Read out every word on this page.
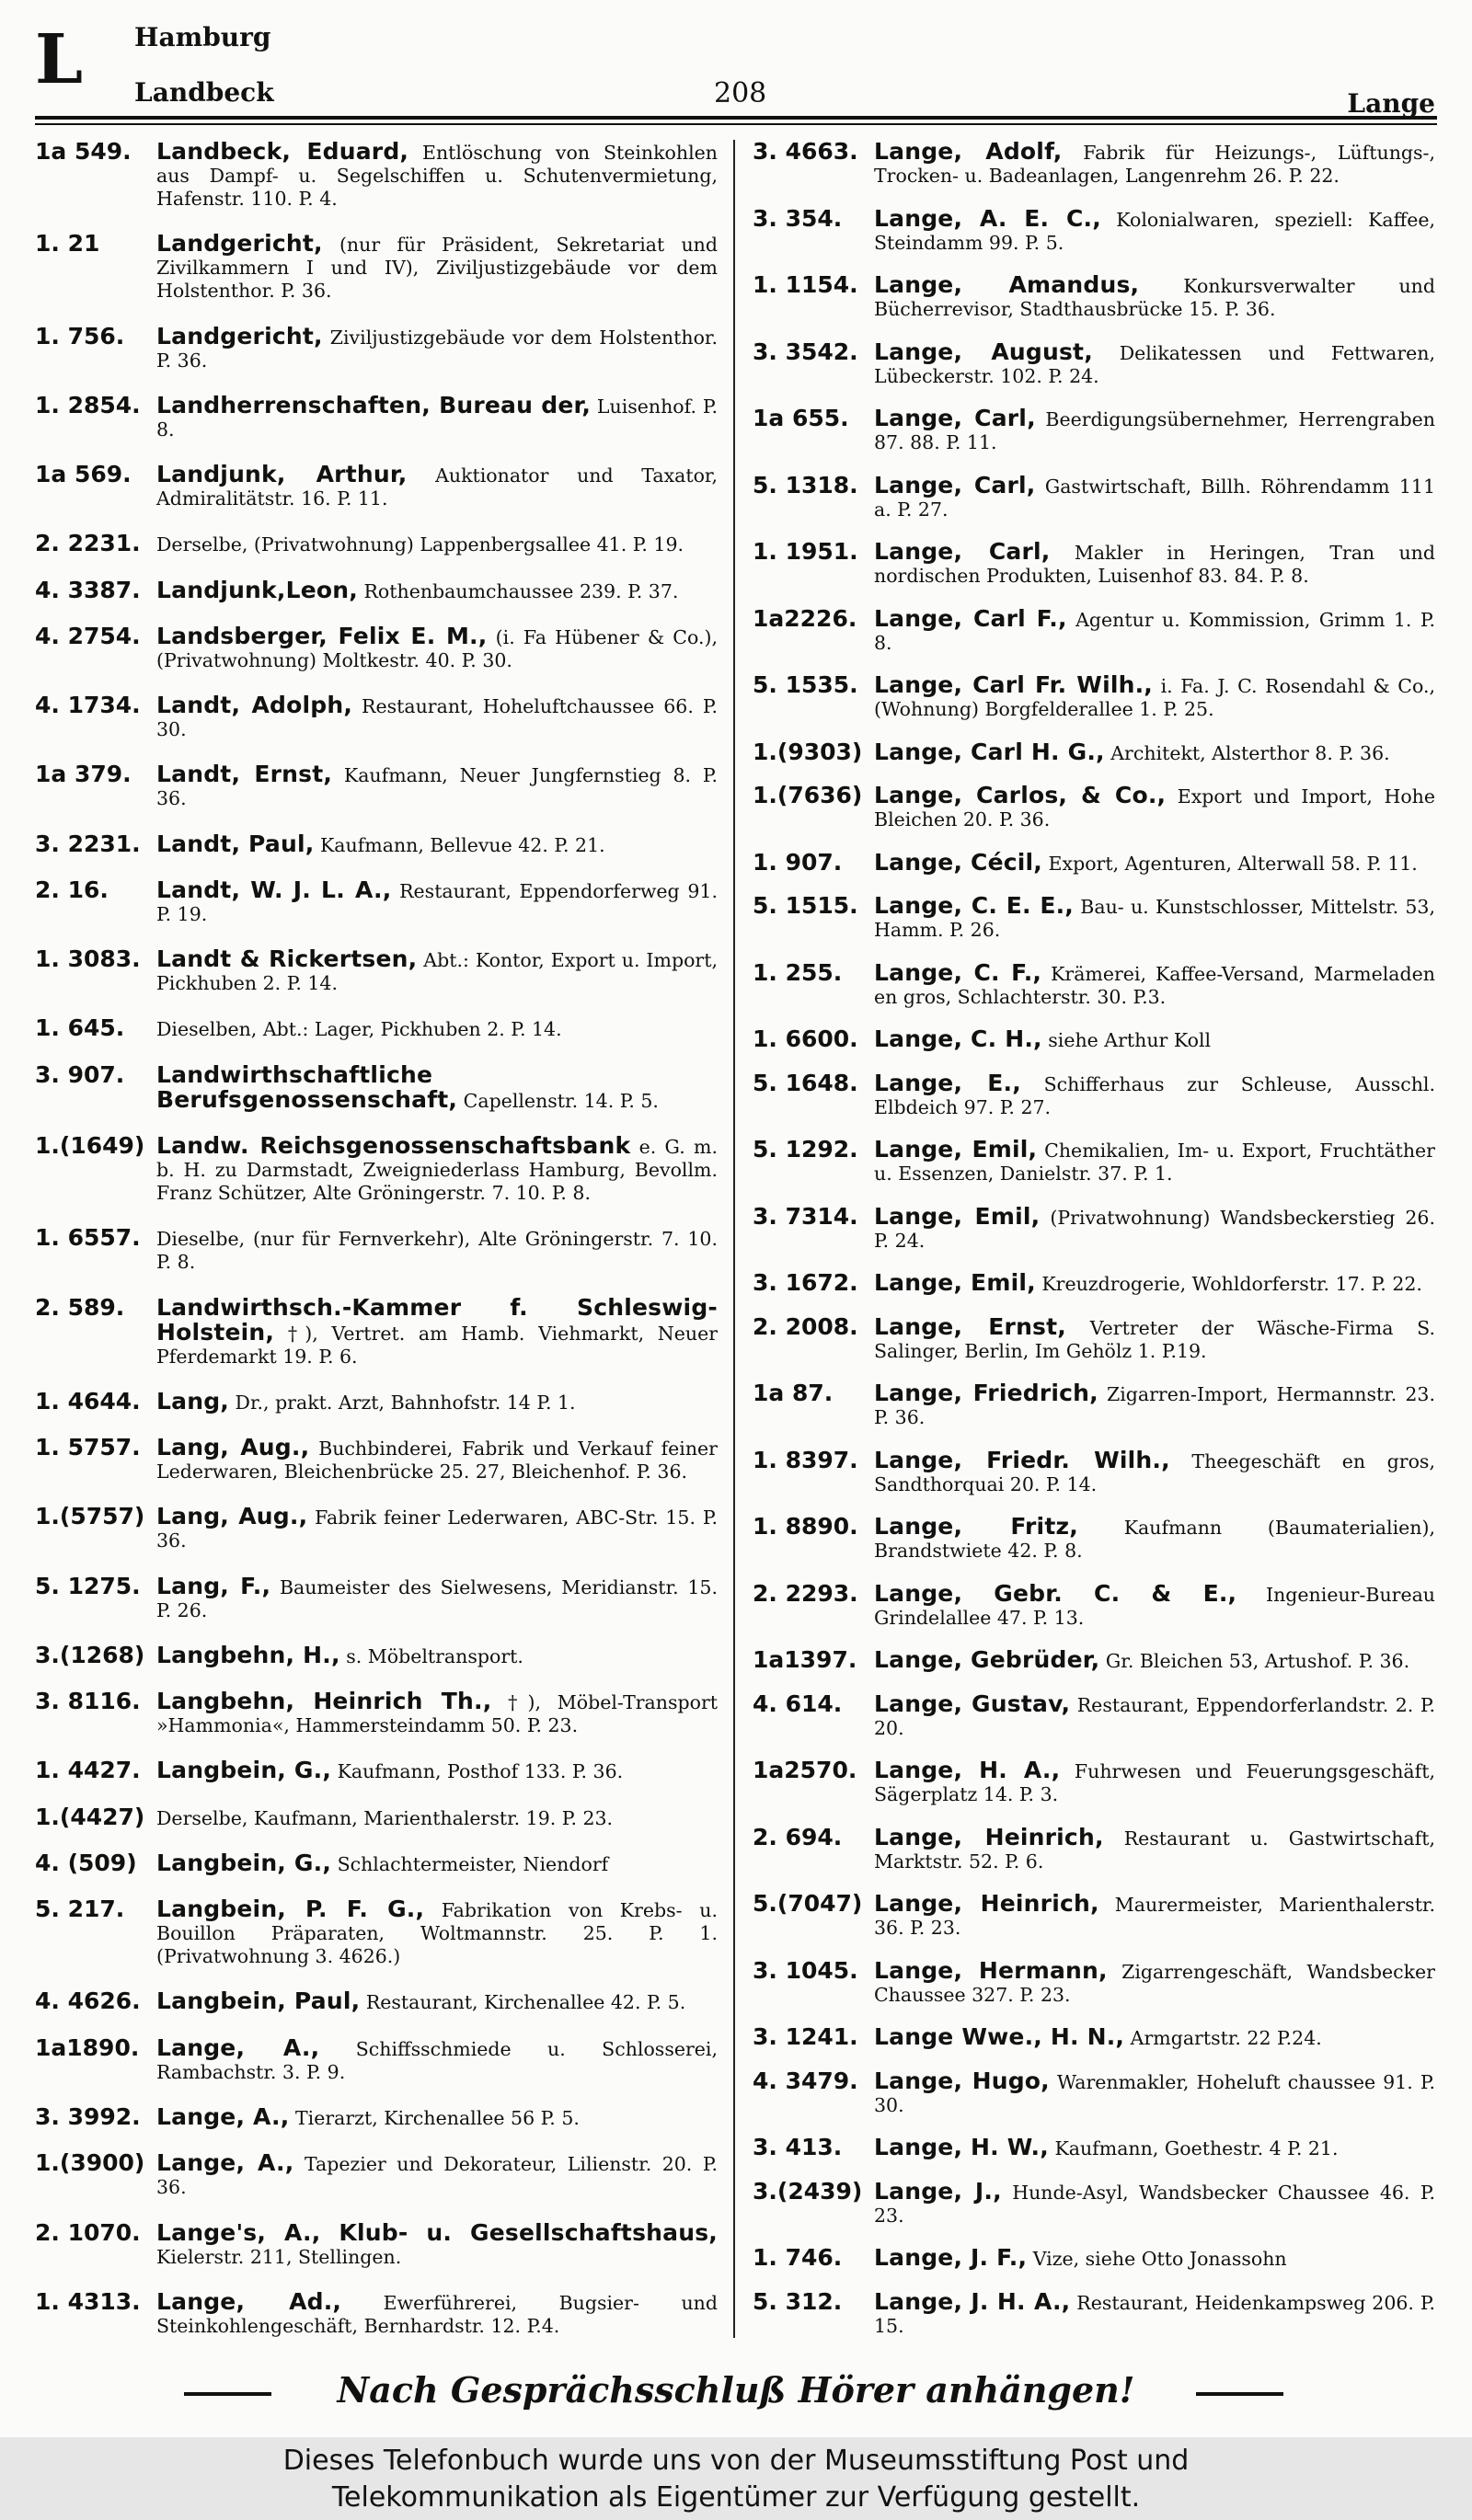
L Hamburg
Landbeck	208	Lange
1a 549. Landbeck, Eduard, Entlöschung von Steinkohlen aus Dampf- u. Segelschiffen u. Schutenvermietung, Hafenstr. 110. P. 4.
1. 21 Landgericht, (nur für Präsident, Sekretariat und Zivilkammern I und IV), Ziviljustizgebäude vor dem Holstenthor. P. 36.
1. 756. Landgericht, Ziviljustizgebäude vor dem Holstenthor. P. 36.
1. 2854. Landherrenschaften, Bureau der, Luisenhof. P. 8.
1a 569. Landjunk, Arthur, Auktionator und Taxator, Admiralitätstr. 16. P. 11.
2. 2231. Derselbe, (Privatwohnung) Lappenbergsallee 41. P. 19.
4. 3387. Landjunk,Leon, Rothenbaumchaussee 239. P. 37.
4. 2754. Landsberger, Felix E. M., (i. Fa Hübener & Co.), (Privatwohnung) Moltkestr. 40. P. 30.
4. 1734. Landt, Adolph, Restaurant, Hoheluftchaussee 66. P. 30.
1a 379. Landt, Ernst, Kaufmann, Neuer Jungfernstieg 8. P. 36.
3. 2231. Landt, Paul, Kaufmann, Bellevue 42. P. 21.
2. 16. Landt, W. J. L. A., Restaurant, Eppendorferweg 91. P. 19.
1. 3083. Landt & Rickertsen, Abt.: Kontor, Export u. Import, Pickhuben 2. P. 14.
1. 645. Dieselben, Abt.: Lager, Pickhuben 2. P. 14.
3. 907. Landwirthschaftliche Berufsgenossenschaft, Capellenstr. 14. P. 5.
1.(1649) Landw. Reichsgenossenschaftsbank e. G. m. b. H. zu Darmstadt, Zweigniederlass Hamburg, Bevollm. Franz Schützer, Alte Gröningerstr. 7. 10. P. 8.
1. 6557. Dieselbe, (nur für Fernverkehr), Alte Gröningerstr. 7. 10. P. 8.
2. 589. Landwirthsch.-Kammer f. Schleswig-Holstein, †), Vertret. am Hamb. Viehmarkt, Neuer Pferdemarkt 19. P. 6.
1. 4644. Lang, Dr., prakt. Arzt, Bahnhofstr. 14 P. 1.
1. 5757. Lang, Aug., Buchbinderei, Fabrik und Verkauf feiner Lederwaren, Bleichenbrücke 25. 27, Bleichenhof. P. 36.
1.(5757) Lang, Aug., Fabrik feiner Lederwaren, ABC-Str. 15. P. 36.
5. 1275. Lang, F., Baumeister des Sielwesens, Meridianstr. 15. P. 26.
3.(1268) Langbehn, H., s. Möbeltransport.
3. 8116. Langbehn, Heinrich Th., †), Möbel-Transport »Hammonia«, Hammersteindamm 50. P. 23.
1. 4427. Langbein, G., Kaufmann, Posthof 133. P. 36.
1.(4427) Derselbe, Kaufmann, Marienthalerstr. 19. P. 23.
4. (509) Langbein, G., Schlachtermeister, Niendorf
5. 217. Langbein, P. F. G., Fabrikation von Krebs- u. Bouillon Präparaten, Woltmannstr. 25. P. 1. (Privatwohnung 3. 4626.)
4. 4626. Langbein, Paul, Restaurant, Kirchenallee 42. P. 5.
1a1890. Lange, A., Schiffsschmiede u. Schlosserei, Rambachstr. 3. P. 9.
3. 3992. Lange, A., Tierarzt, Kirchenallee 56 P. 5.
1.(3900) Lange, A., Tapezier und Dekorateur, Lilienstr. 20. P. 36.
2. 1070. Lange's, A., Klub- u. Gesellschaftshaus, Kielerstr. 211, Stellingen.
1. 4313. Lange, Ad., Ewerführerei, Bugsier- und Steinkohlengeschäft, Bernhardstr. 12. P.4.
3. 4663. Lange, Adolf, Fabrik für Heizungs-, Lüftungs-, Trocken- u. Badeanlagen, Langenrehm 26. P. 22.
3. 354. Lange, A. E. C., Kolonialwaren, speziell: Kaffee, Steindamm 99. P. 5.
1. 1154. Lange, Amandus, Konkursverwalter und Bücherrevisor, Stadthausbrücke 15. P. 36.
3. 3542. Lange, August, Delikatessen und Fettwaren, Lübeckerstr. 102. P. 24.
1a 655. Lange, Carl, Beerdigungsübernehmer, Herrengraben 87. 88. P. 11.
5. 1318. Lange, Carl, Gastwirtschaft, Billh. Röhrendamm 111 a. P. 27.
1. 1951. Lange, Carl, Makler in Heringen, Tran und nordischen Produkten, Luisenhof 83. 84. P. 8.
1a2226. Lange, Carl F., Agentur u. Kommission, Grimm 1. P. 8.
5. 1535. Lange, Carl Fr. Wilh., i. Fa. J. C. Rosendahl & Co., (Wohnung) Borgfelderallee 1. P. 25.
1.(9303) Lange, Carl H. G., Architekt, Alsterthor 8. P. 36.
1.(7636) Lange, Carlos, & Co., Export und Import, Hohe Bleichen 20. P. 36.
1. 907. Lange, Cécil, Export, Agenturen, Alterwall 58. P. 11.
5. 1515. Lange, C. E. E., Bau- u. Kunstschlosser, Mittelstr. 53, Hamm. P. 26.
1. 255. Lange, C. F., Krämerei, Kaffee-Versand, Marmeladen en gros, Schlachterstr. 30. P.3.
1. 6600. Lange, C. H., siehe Arthur Koll
5. 1648. Lange, E., Schifferhaus zur Schleuse, Ausschl. Elbdeich 97. P. 27.
5. 1292. Lange, Emil, Chemikalien, Im- u. Export, Fruchtäther u. Essenzen, Danielstr. 37. P. 1.
3. 7314. Lange, Emil, (Privatwohnung) Wandsbeckerstieg 26. P. 24.
3. 1672. Lange, Emil, Kreuzdrogerie, Wohldorferstr. 17. P. 22.
2. 2008. Lange, Ernst, Vertreter der Wäsche-Firma S. Salinger, Berlin, Im Gehölz 1. P.19.
1a 87. Lange, Friedrich, Zigarren-Import, Hermannstr. 23. P. 36.
1. 8397. Lange, Friedr. Wilh., Theegeschäft en gros, Sandthorquai 20. P. 14.
1. 8890. Lange, Fritz, Kaufmann (Baumaterialien), Brandstwiete 42. P. 8.
2. 2293. Lange, Gebr. C. & E., Ingenieur-Bureau Grindelallee 47. P. 13.
1a1397. Lange, Gebrüder, Gr. Bleichen 53, Artushof. P. 36.
4. 614. Lange, Gustav, Restaurant, Eppendorferlandstr. 2. P. 20.
1a2570. Lange, H. A., Fuhrwesen und Feuerungsgeschäft, Sägerplatz 14. P. 3.
2. 694. Lange, Heinrich, Restaurant u. Gastwirtschaft, Marktstr. 52. P. 6.
5.(7047) Lange, Heinrich, Maurermeister, Marienthalerstr. 36. P. 23.
3. 1045. Lange, Hermann, Zigarrengeschäft, Wandsbecker Chaussee 327. P. 23.
3. 1241. Lange Wwe., H. N., Armgartstr. 22 P.24.
4. 3479. Lange, Hugo, Warenmakler, Hoheluft chaussee 91. P. 30.
3. 413. Lange, H. W., Kaufmann, Goethestr. 4 P. 21.
3.(2439) Lange, J., Hunde-Asyl, Wandsbecker Chaussee 46. P. 23.
1. 746. Lange, J. F., Vize, siehe Otto Jonassohn
5. 312. Lange, J. H. A., Restaurant, Heidenkampsweg 206. P. 15.
Nach Gesprächsschluß Hörer anhängen!
Dieses Telefonbuch wurde uns von der Museumsstiftung Post und
Telekommunikation als Eigentümer zur Verfügung gestellt.
